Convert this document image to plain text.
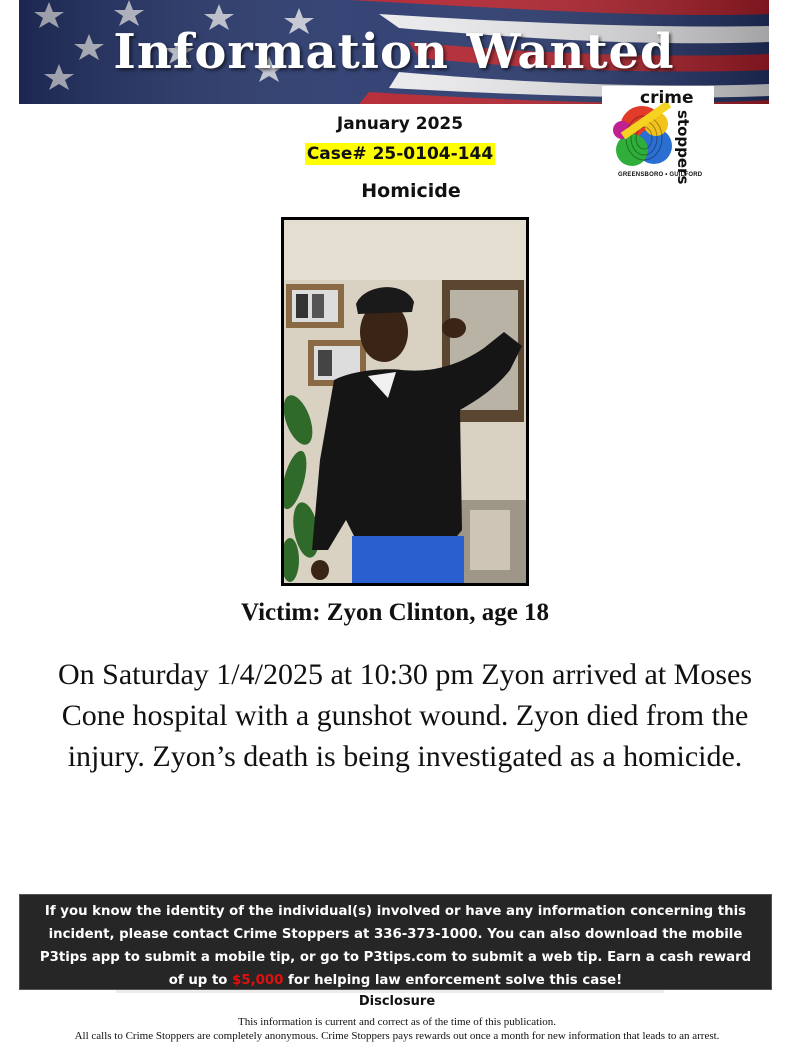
Information Wanted
crime
stoppers
GREENSBORO • GUILFORD
January 2025
Case# 25-0104-144
Homicide
Victim: Zyon Clinton, age 18
On Saturday 1/4/2025 at 10:30 pm Zyon arrived at Moses Cone hospital with a gunshot wound. Zyon died from the injury. Zyon’s death is being investigated as a homicide.
If you know the identity of the individual(s) involved or have any information concerning this incident, please contact Crime Stoppers at 336-373-1000. You can also download the mobile P3tips app to submit a mobile tip, or go to P3tips.com to submit a web tip. Earn a cash reward of up to $5,000 for helping law enforcement solve this case!
Disclosure
This information is current and correct as of the time of this publication.
All calls to Crime Stoppers are completely anonymous. Crime Stoppers pays rewards out once a month for new information that leads to an arrest.
